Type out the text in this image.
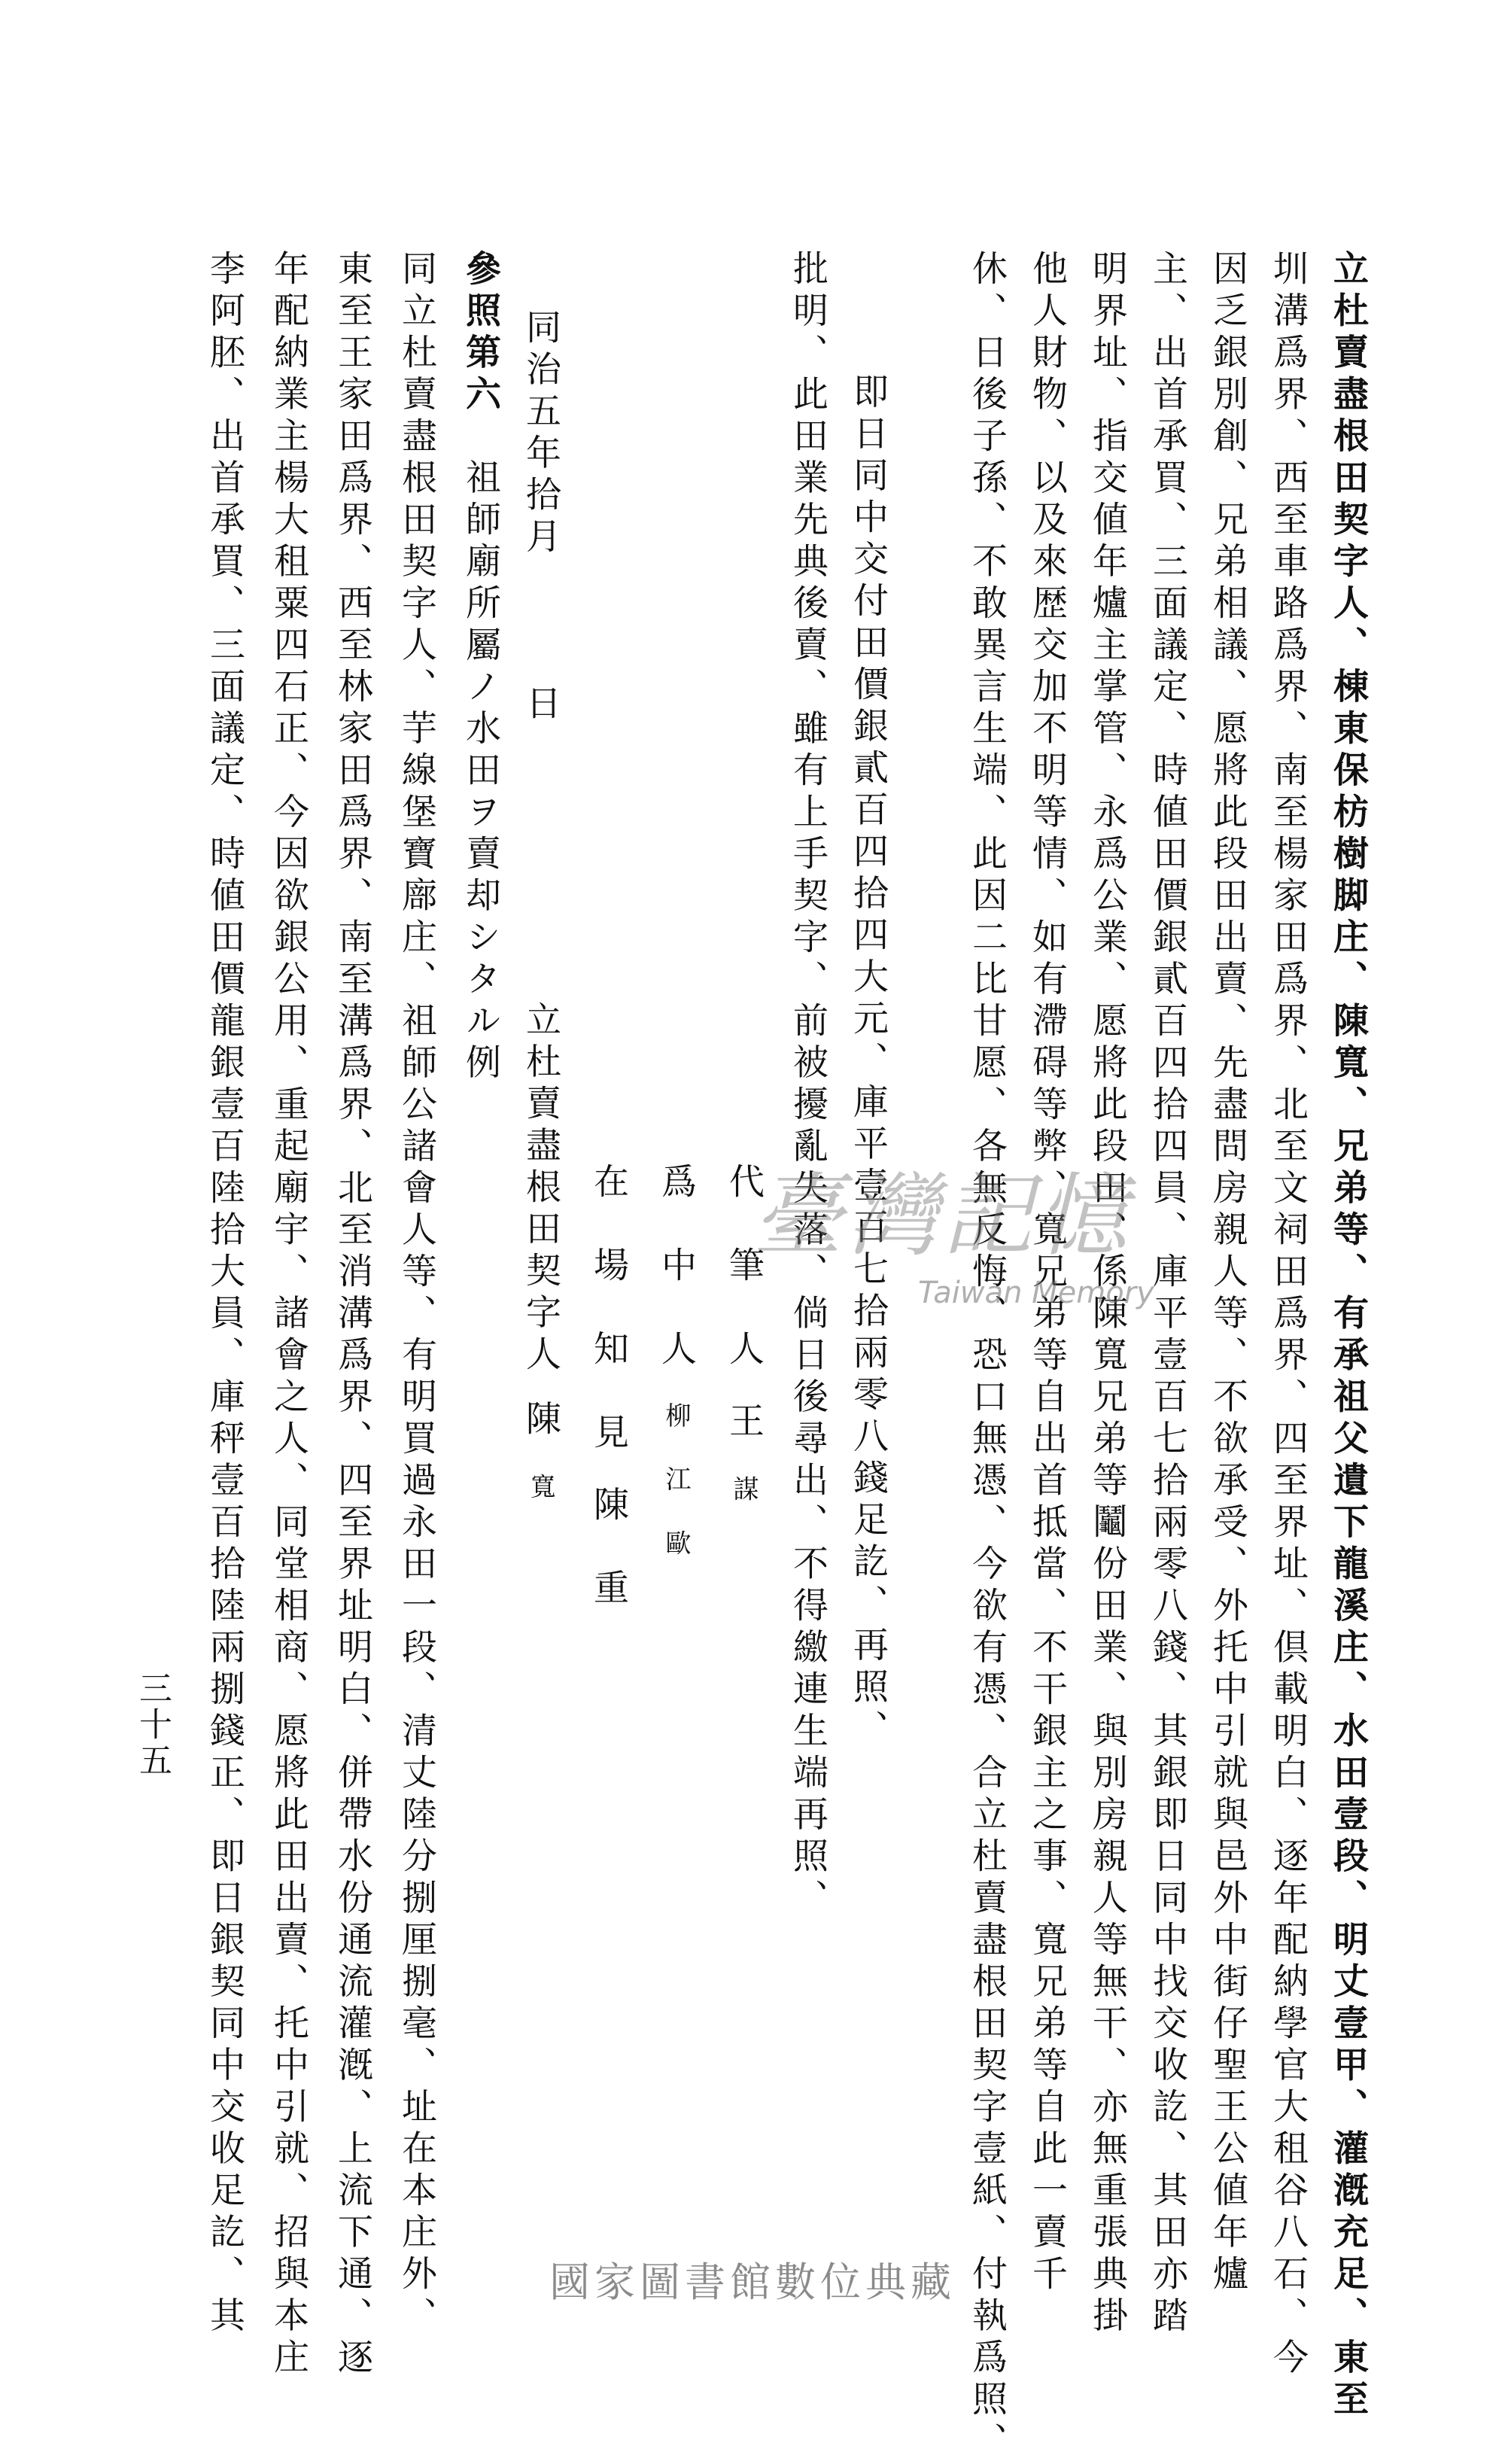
立杜賣盡根田契字人、棟東保枋樹脚庄、陳寬、兄弟等、有承祖父遺下龍溪庄、水田壹段、明丈壹甲、灌漑充足、東至
圳溝爲界、西至車路爲界、南至楊家田爲界、北至文祠田爲界、四至界址、倶載明白、逐年配納學官大租谷八石、今
因乏銀別創、兄弟相議、愿將此段田出賣、先盡問房親人等、不欲承受、外托中引就與邑外中街仔聖王公値年爐
主、出首承買、三面議定、時値田價銀貳百四拾四員、庫平壹百七拾兩零八錢、其銀即日同中找交收訖、其田亦踏
明界址、指交値年爐主掌管、永爲公業、愿將此段田、係陳寬兄弟等鬮份田業、與別房親人等無干、亦無重張典掛
他人財物、以及來歴交加不明等情、如有滯碍等弊、寬兄弟等自出首抵當、不干銀主之事、寬兄弟等自此一賣千
休、日後子孫、不敢異言生端、此因二比甘愿、各無反悔、恐口無憑、今欲有憑、合立杜賣盡根田契字壹紙、付執爲照、
　即日同中交付田價銀貳百四拾四大元、庫平壹百七拾兩零八錢足訖、再照、
批明、此田業先典後賣、雖有上手契字、前被擾亂失落、倘日後尋出、不得繳連生端再照、
代　筆　人王　謀
爲　中　人柳　江　歐
在　場　知　見陳　重
同治五年拾月　　　日
立杜賣盡根田契字人陳　寬
參照第六　祖師廟所屬ノ水田ヲ賣却シタル例
同立杜賣盡根田契字人、芋線堡寶廍庄、祖師公諸會人等、有明買過永田一段、清丈陸分捌厘捌毫、址在本庄外、
東至王家田爲界、西至林家田爲界、南至溝爲界、北至消溝爲界、四至界址明白、併帶水份通流灌漑、上流下通、逐
年配納業主楊大租粟四石正、今因欲銀公用、重起廟宇、諸會之人、同堂相商、愿將此田出賣、托中引就、招與本庄
李阿胚、出首承買、三面議定、時値田價龍銀壹百陸拾大員、庫秤壹百拾陸兩捌錢正、即日銀契同中交收足訖、其
三十五
臺灣記憶
Taiwan Memory
國家圖書館數位典藏
